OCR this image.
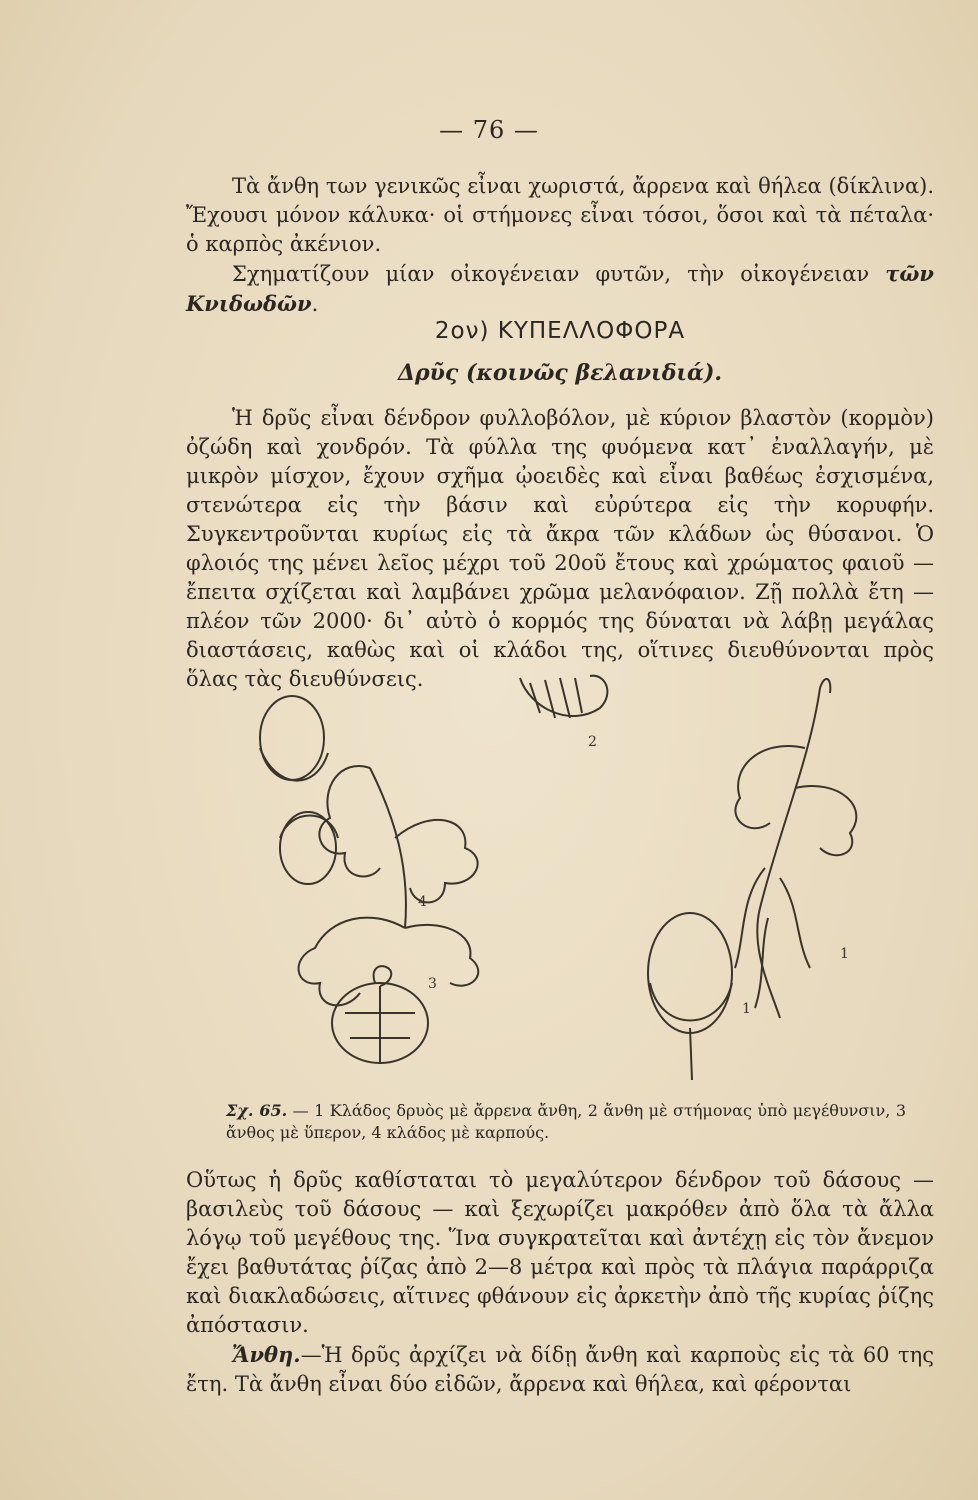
— 76 —

Τὰ ἄνθη των γενικῶς εἶναι χωριστά, ἄρρενα καὶ θήλεα (δίκλινα). Ἔχουσι μόνον κάλυκα· οἱ στήμονες εἶναι τόσοι, ὅσοι καὶ τὰ πέταλα· ὁ καρπὸς ἀκένιον.

Σχηματίζουν μίαν οἰκογένειαν φυτῶν, τὴν οἰκογένειαν τῶν Κνιδωδῶν.

2ον) ΚΥΠΕΛΛΟΦΟΡΑ
Δρῦς (κοινῶς βελανιδιά).

Ἡ δρῦς εἶναι δένδρον φυλλοβόλον, μὲ κύριον βλαστὸν (κορμὸν) ὀζώδη καὶ χονδρόν. Τὰ φύλλα της φυόμενα κατ᾽ ἐναλλαγήν, μὲ μικρὸν μίσχον, ἔχουν σχῆμα ᾠοειδὲς καὶ εἶναι βαθέως ἐσχισμένα, στενώτερα εἰς τὴν βάσιν καὶ εὐρύτερα εἰς τὴν κορυφήν. Συγκεντροῦνται κυρίως εἰς τὰ ἄκρα τῶν κλάδων ὡς θύσανοι. Ὁ φλοιός της μένει λεῖος μέχρι τοῦ 20οῦ ἔτους καὶ χρώματος φαιοῦ — ἔπειτα σχίζεται καὶ λαμβάνει χρῶμα μελανόφαιον. Ζῇ πολλὰ ἔτη — πλέον τῶν 2000· δι᾽ αὐτὸ ὁ κορμός της δύναται νὰ λάβῃ μεγάλας διαστάσεις, καθὼς καὶ οἱ κλάδοι της, οἵτινες διευθύνονται πρὸς ὅλας τὰς διευθύνσεις.

4
2
3
1
1
Σχ. 65. — 1 Κλάδος δρυὸς μὲ ἄρρενα ἄνθη, 2 ἄνθη μὲ στήμονας ὑπὸ μεγέθυνσιν, 3 ἄνθος μὲ ὕπερον, 4 κλάδος μὲ καρπούς.

Οὕτως ἡ δρῦς καθίσταται τὸ μεγαλύτερον δένδρον τοῦ δάσους — βασιλεὺς τοῦ δάσους — καὶ ξεχωρίζει μακρόθεν ἀπὸ ὅλα τὰ ἄλλα λόγῳ τοῦ μεγέθους της. Ἵνα συγκρατεῖται καὶ ἀντέχῃ εἰς τὸν ἄνεμον ἔχει βαθυτάτας ῥίζας ἀπὸ 2—8 μέτρα καὶ πρὸς τὰ πλάγια παράρριζα καὶ διακλαδώσεις, αἵτινες φθάνουν εἰς ἀρκετὴν ἀπὸ τῆς κυρίας ῥίζης ἀπόστασιν.

Ἄνθη.—Ἡ δρῦς ἀρχίζει νὰ δίδῃ ἄνθη καὶ καρποὺς εἰς τὰ 60 της ἔτη. Τὰ ἄνθη εἶναι δύο εἰδῶν, ἄρρενα καὶ θήλεα, καὶ φέρονται
